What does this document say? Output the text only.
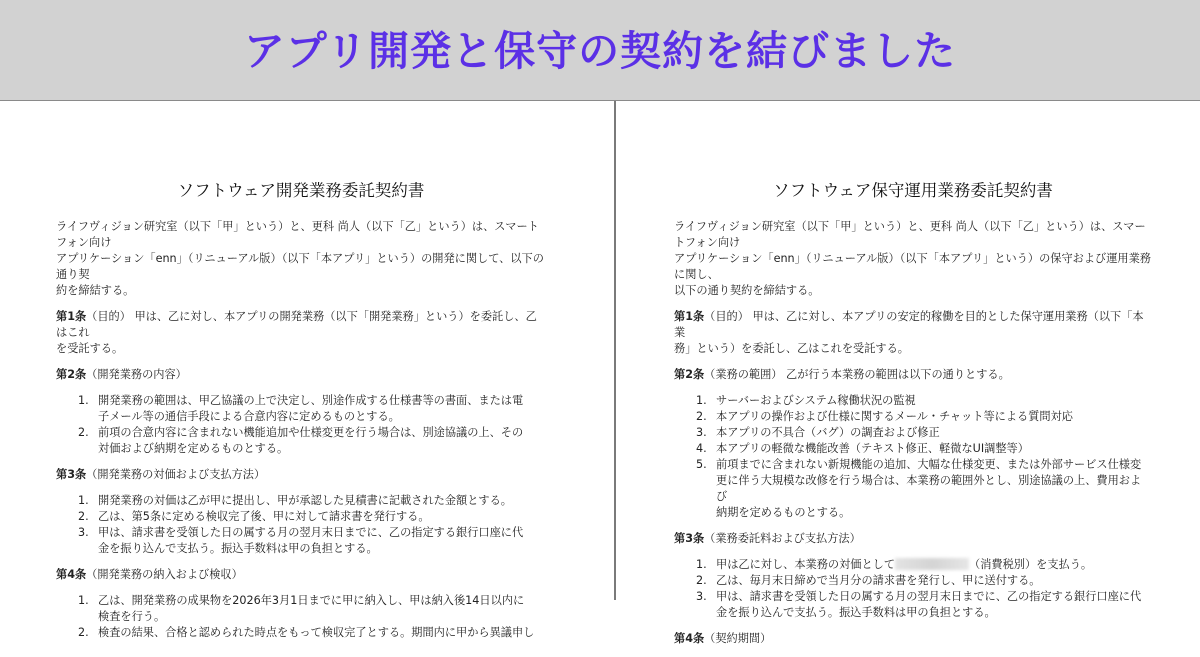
アプリ開発と保守の契約を結びました
ソフトウェア開発業務委託契約書
ライフヴィジョン研究室（以下「甲」という）と、更科 尚人（以下「乙」という）は、スマートフォン向け
アプリケーション「enn」（リニューアル版）（以下「本アプリ」という）の開発に関して、以下の通り契
約を締結する。
第1条（目的） 甲は、乙に対し、本アプリの開発業務（以下「開発業務」という）を委託し、乙はこれ
を受託する。
第2条（開発業務の内容）
1. 開発業務の範囲は、甲乙協議の上で決定し、別途作成する仕様書等の書面、または電
子メール等の通信手段による合意内容に定めるものとする。
2. 前項の合意内容に含まれない機能追加や仕様変更を行う場合は、別途協議の上、その
対価および納期を定めるものとする。
第3条（開発業務の対価および支払方法）
1. 開発業務の対価は乙が甲に提出し、甲が承認した見積書に記載された金額とする。
2. 乙は、第5条に定める検収完了後、甲に対して請求書を発行する。
3. 甲は、請求書を受領した日の属する月の翌月末日までに、乙の指定する銀行口座に代
金を振り込んで支払う。振込手数料は甲の負担とする。
第4条（開発業務の納入および検収）
1. 乙は、開発業務の成果物を2026年3月1日までに甲に納入し、甲は納入後14日以内に
検査を行う。
2. 検査の結果、合格と認められた時点をもって検収完了とする。期間内に甲から異議申し
ソフトウェア保守運用業務委託契約書
ライフヴィジョン研究室（以下「甲」という）と、更科 尚人（以下「乙」という）は、スマートフォン向け
アプリケーション「enn」（リニューアル版）（以下「本アプリ」という）の保守および運用業務に関し、
以下の通り契約を締結する。
第1条（目的） 甲は、乙に対し、本アプリの安定的稼働を目的とした保守運用業務（以下「本業
務」という）を委託し、乙はこれを受託する。
第2条（業務の範囲） 乙が行う本業務の範囲は以下の通りとする。
1. サーバーおよびシステム稼働状況の監視
2. 本アプリの操作および仕様に関するメール・チャット等による質問対応
3. 本アプリの不具合（バグ）の調査および修正
4. 本アプリの軽微な機能改善（テキスト修正、軽微なUI調整等）
5. 前項までに含まれない新規機能の追加、大幅な仕様変更、または外部サービス仕様変
更に伴う大規模な改修を行う場合は、本業務の範囲外とし、別途協議の上、費用および
納期を定めるものとする。
第3条（業務委託料および支払方法）
1. 甲は乙に対し、本業務の対価として	（消費税別）を支払う。
2. 乙は、毎月末日締めで当月分の請求書を発行し、甲に送付する。
3. 甲は、請求書を受領した日の属する月の翌月末日までに、乙の指定する銀行口座に代
金を振り込んで支払う。振込手数料は甲の負担とする。
第4条（契約期間）
